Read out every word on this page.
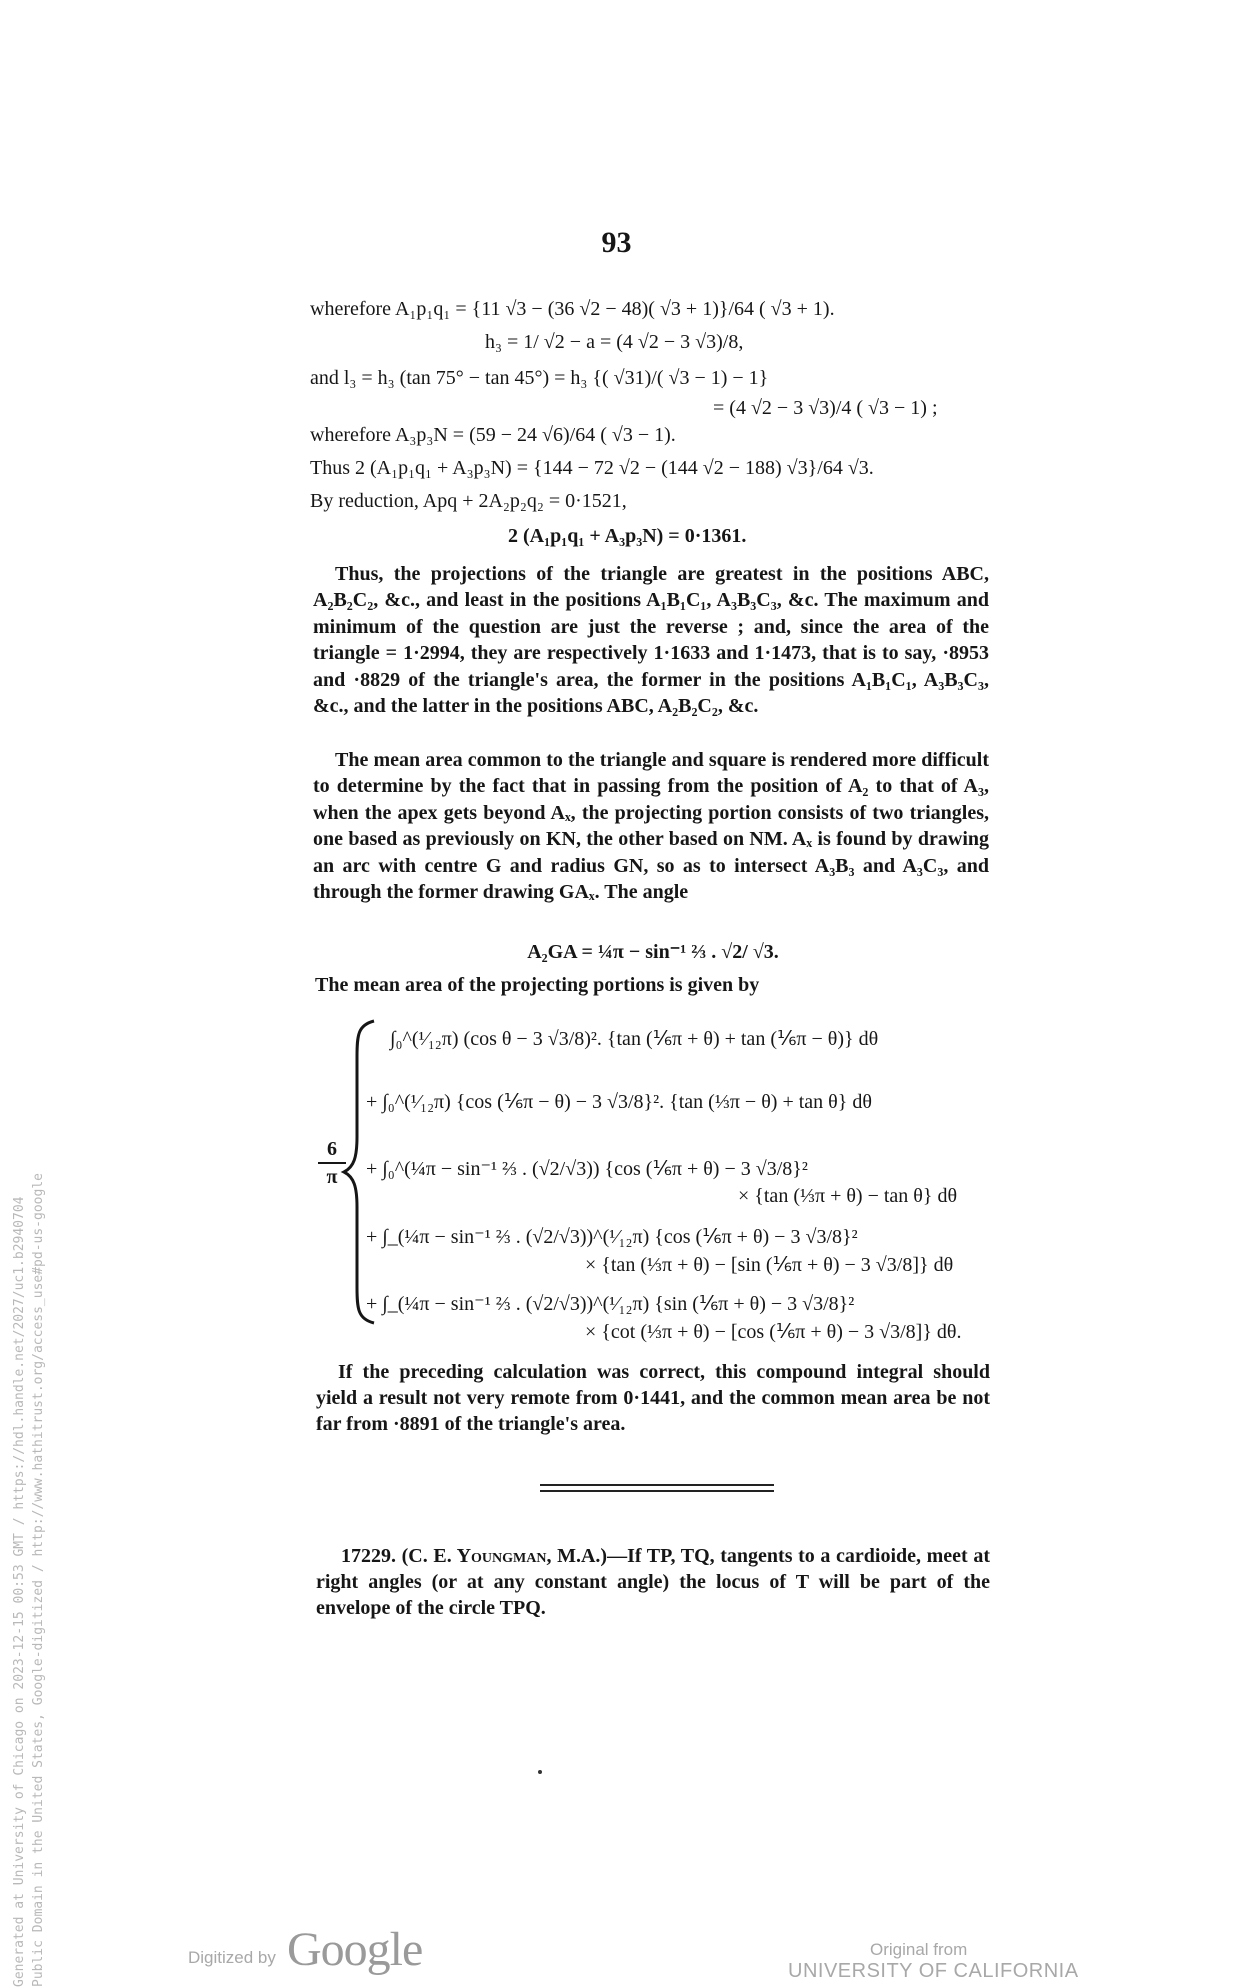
93
wherefore A₁p₁q₁ = {11 √3 − (36 √2 − 48)( √3 + 1)}/64 ( √3 + 1).
h₃ = 1/ √2 − a = (4 √2 − 3 √3)/8,
and l₃ = h₃ (tan 75° − tan 45°) = h₃ {( √31)/( √3 − 1) − 1}
= (4 √2 − 3 √3)/4 ( √3 − 1) ;
wherefore A₃p₃N = (59 − 24 √6)/64 ( √3 − 1).
Thus 2 (A₁p₁q₁ + A₃p₃N) = {144 − 72 √2 − (144 √2 − 188) √3}/64 √3.
By reduction, Apq + 2A₂p₂q₂ = 0·1521,
2 (A₁p₁q₁ + A₃p₃N) = 0·1361.
Thus, the projections of the triangle are greatest in the positions ABC, A₂B₂C₂, &c., and least in the positions A₁B₁C₁, A₃B₃C₃, &c. The maximum and minimum of the question are just the reverse ; and, since the area of the triangle = 1·2994, they are respectively 1·1633 and 1·1473, that is to say, ·8953 and ·8829 of the triangle's area, the former in the positions A₁B₁C₁, A₃B₃C₃, &c., and the latter in the positions ABC, A₂B₂C₂, &c.
The mean area common to the triangle and square is rendered more difficult to determine by the fact that in passing from the position of A₂ to that of A₃, when the apex gets beyond Aₓ, the projecting portion consists of two triangles, one based as previously on KN, the other based on NM. Aₓ is found by drawing an arc with centre G and radius GN, so as to intersect A₃B₃ and A₃C₃, and through the former drawing GAₓ. The angle
A₂GA = ¼π − sin⁻¹ ⅔ . √2/ √3.
The mean area of the projecting portions is given by
6
π
∫₀^(¹⁄₁₂π) (cos θ − 3 √3/8)². {tan (⅙π + θ) + tan (⅙π − θ)} dθ
+ ∫₀^(¹⁄₁₂π) {cos (⅙π − θ) − 3 √3/8}². {tan (⅓π − θ) + tan θ} dθ
+ ∫₀^(¼π − sin⁻¹ ⅔ . (√2/√3)) {cos (⅙π + θ) − 3 √3/8}²
× {tan (⅓π + θ) − tan θ} dθ
+ ∫_(¼π − sin⁻¹ ⅔ . (√2/√3))^(¹⁄₁₂π) {cos (⅙π + θ) − 3 √3/8}²
× {tan (⅓π + θ) − [sin (⅙π + θ) − 3 √3/8]} dθ
+ ∫_(¼π − sin⁻¹ ⅔ . (√2/√3))^(¹⁄₁₂π) {sin (⅙π + θ) − 3 √3/8}²
× {cot (⅓π + θ) − [cos (⅙π + θ) − 3 √3/8]} dθ.
If the preceding calculation was correct, this compound integral should yield a result not very remote from 0·1441, and the common mean area be not far from ·8891 of the triangle's area.
17229. (C. E. Youngman, M.A.)—If TP, TQ, tangents to a cardioide, meet at right angles (or at any constant angle) the locus of T will be part of the envelope of the circle TPQ.
Generated at University of Chicago on 2023-12-15 00:53 GMT / https://hdl.handle.net/2027/uc1.b2940704 Public Domain in the United States, Google-digitized / http://www.hathitrust.org/access_use#pd-us-google	Digitized by Google	Original from
UNIVERSITY OF CALIFORNIA
